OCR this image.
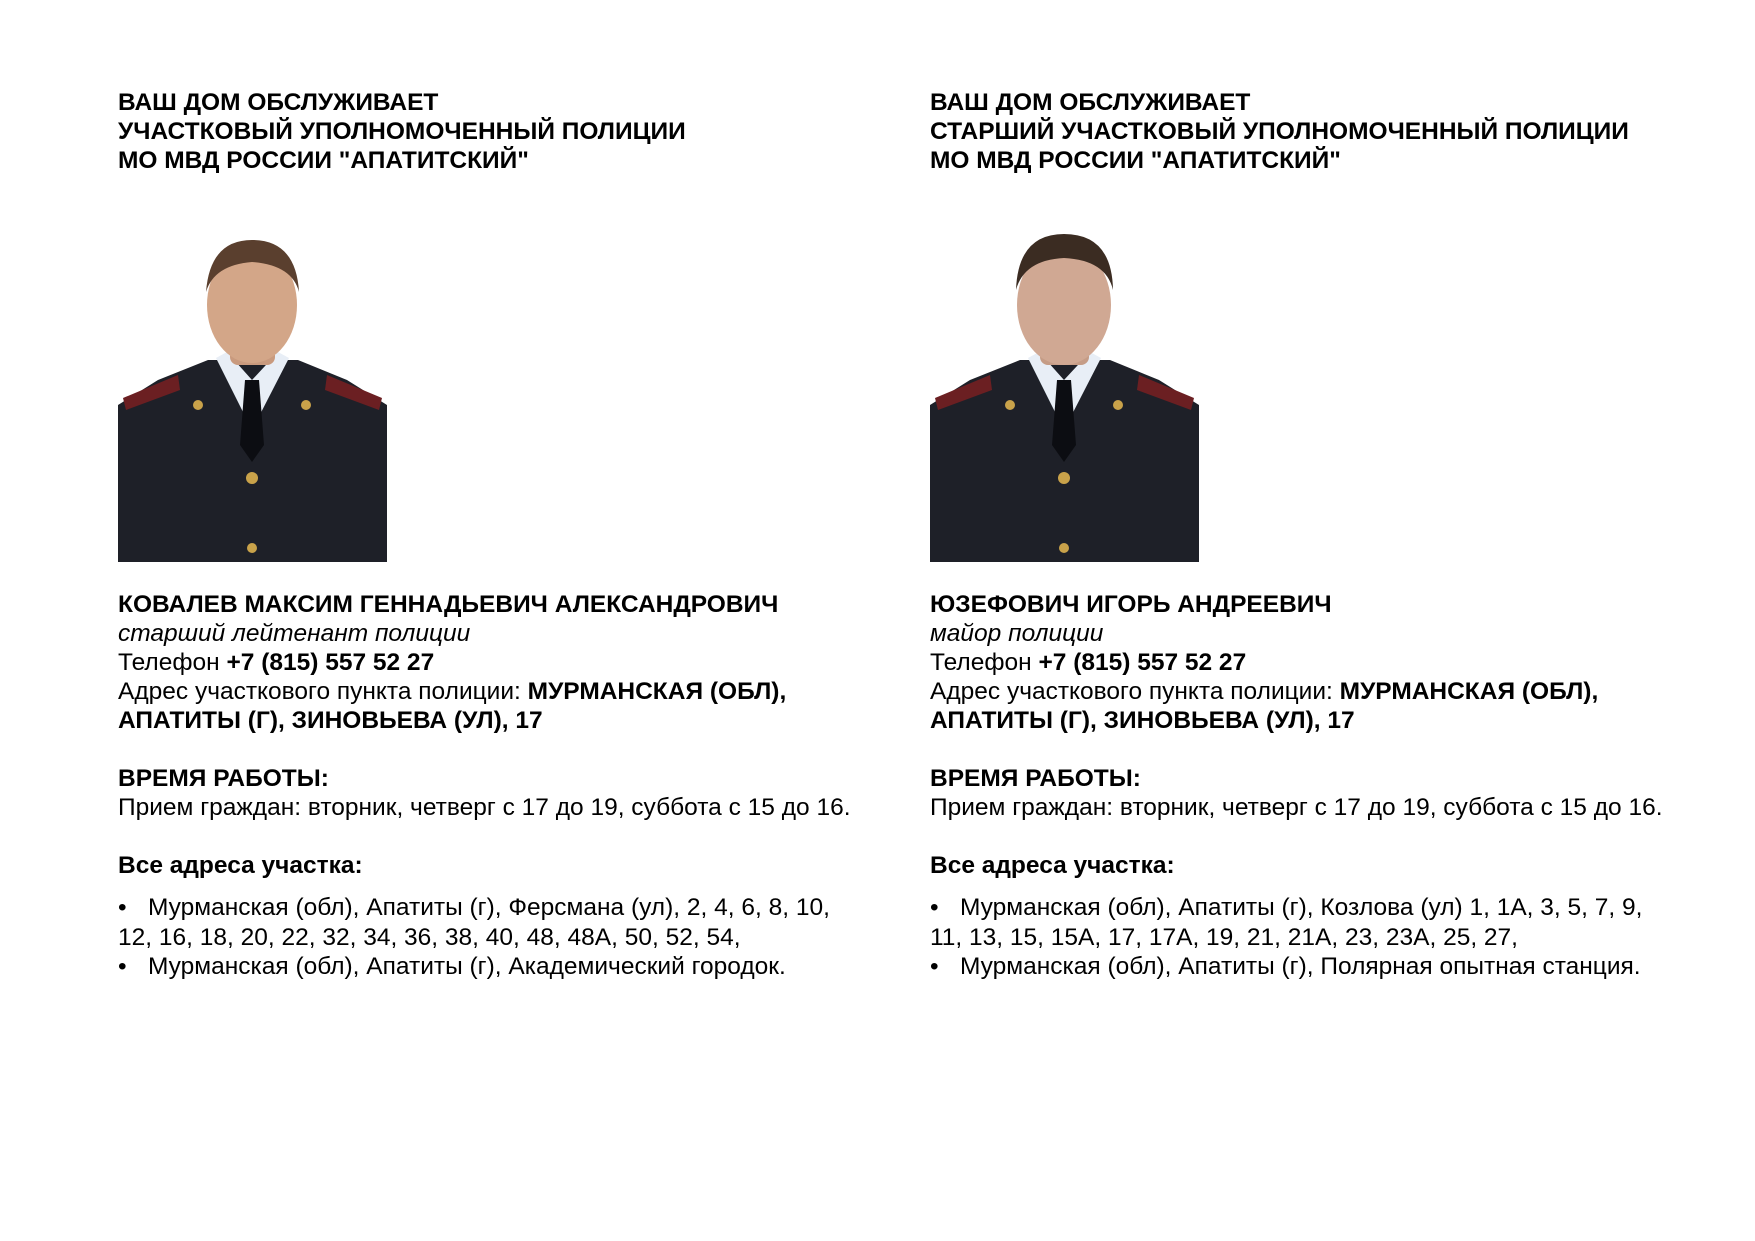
ВАШ ДОМ ОБСЛУЖИВАЕТ
УЧАСТКОВЫЙ УПОЛНОМОЧЕННЫЙ ПОЛИЦИИ
МО МВД РОССИИ "АПАТИТСКИЙ"
КОВАЛЕВ МАКСИМ ГЕННАДЬЕВИЧ АЛЕКСАНДРОВИЧ
старший лейтенант полиции
Телефон +7 (815) 557 52 27
Адрес участкового пункта полиции: МУРМАНСКАЯ (ОБЛ),
АПАТИТЫ (Г), ЗИНОВЬЕВА (УЛ), 17
ВРЕМЯ РАБОТЫ:
Прием граждан: вторник, четверг с 17 до 19, суббота с 15 до 16.
Все адреса участка:
• Мурманская (обл), Апатиты (г), Ферсмана (ул), 2, 4, 6, 8, 10,
12, 16, 18, 20, 22, 32, 34, 36, 38, 40, 48, 48А, 50, 52, 54,
• Мурманская (обл), Апатиты (г), Академический городок.
ВАШ ДОМ ОБСЛУЖИВАЕТ
СТАРШИЙ УЧАСТКОВЫЙ УПОЛНОМОЧЕННЫЙ ПОЛИЦИИ
МО МВД РОССИИ "АПАТИТСКИЙ"
ЮЗЕФОВИЧ ИГОРЬ АНДРЕЕВИЧ
майор полиции
Телефон +7 (815) 557 52 27
Адрес участкового пункта полиции: МУРМАНСКАЯ (ОБЛ),
АПАТИТЫ (Г), ЗИНОВЬЕВА (УЛ), 17
ВРЕМЯ РАБОТЫ:
Прием граждан: вторник, четверг с 17 до 19, суббота с 15 до 16.
Все адреса участка:
• Мурманская (обл), Апатиты (г), Козлова (ул) 1, 1А, 3, 5, 7, 9,
11, 13, 15, 15А, 17, 17А, 19, 21, 21А, 23, 23А, 25, 27,
• Мурманская (обл), Апатиты (г), Полярная опытная станция.
